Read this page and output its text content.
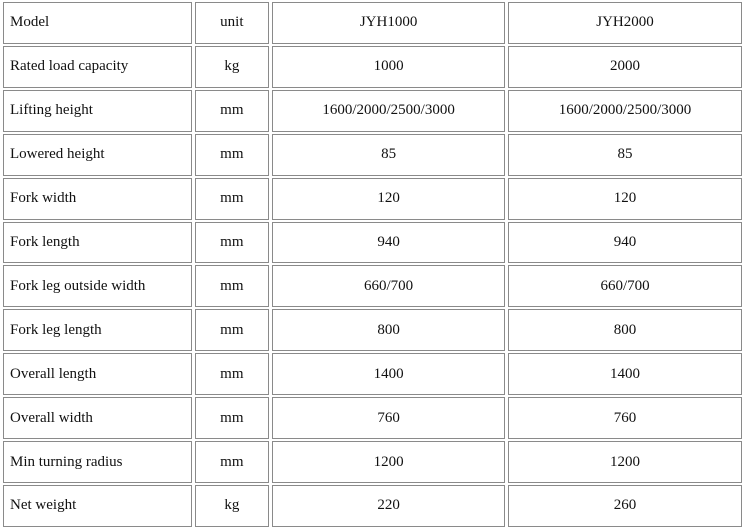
Model	unit	JYH1000	JYH2000
Rated load capacity	kg	1000	2000
Lifting height	mm	1600/2000/2500/3000	1600/2000/2500/3000
Lowered height	mm	85	85
Fork width	mm	120	120
Fork length	mm	940	940
Fork leg outside width	mm	660/700	660/700
Fork leg length	mm	800	800
Overall length	mm	1400	1400
Overall width	mm	760	760
Min turning radius	mm	1200	1200
Net weight	kg	220	260
